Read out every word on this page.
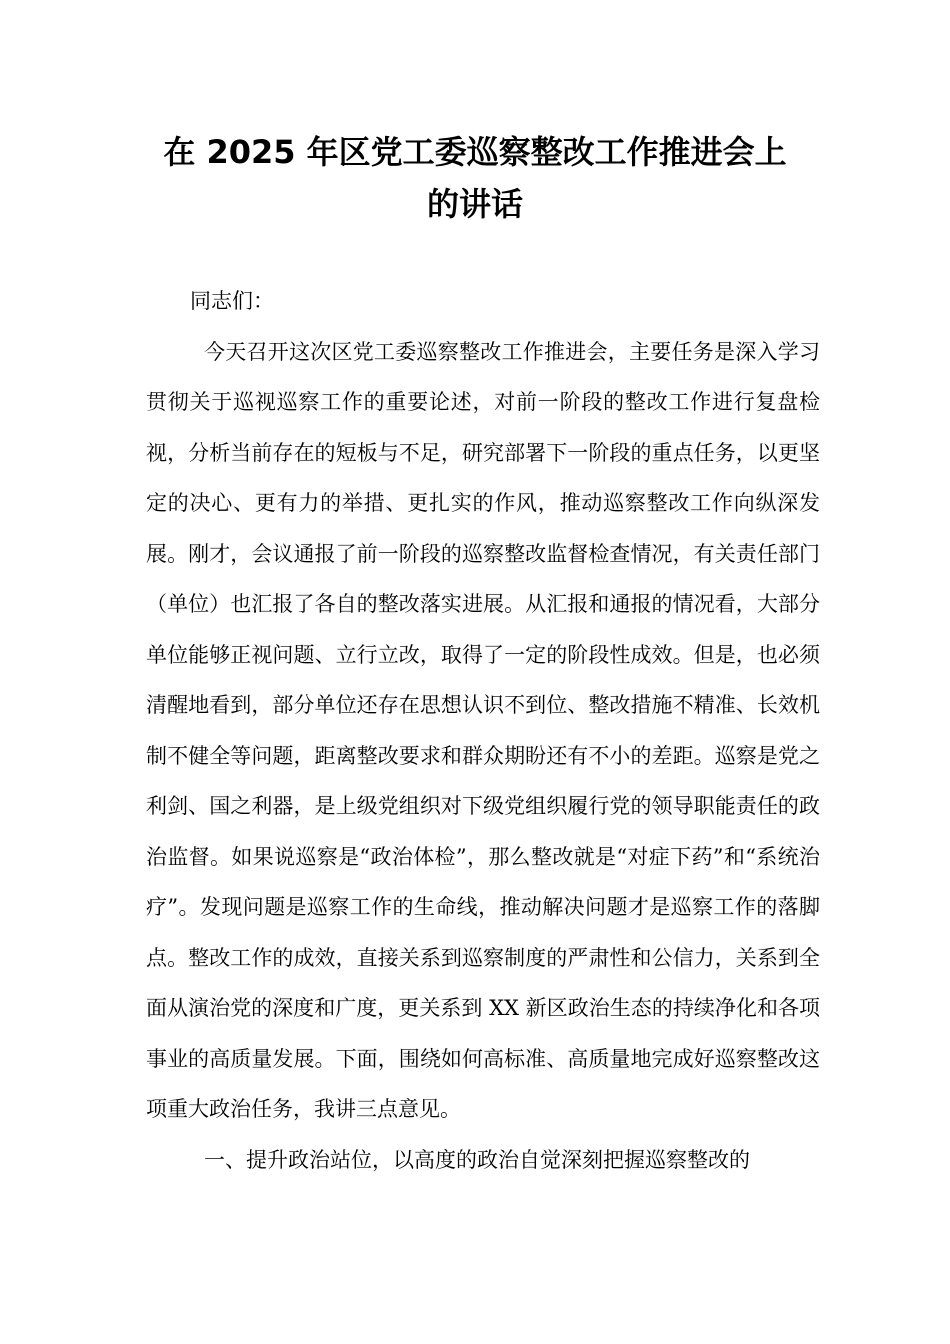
在 2025 年区党工委巡察整改工作推进会上
的讲话

同志们：

今天召开这次区党工委巡察整改工作推进会，主要任务是深入学习贯彻关于巡视巡察工作的重要论述，对前一阶段的整改工作进行复盘检视，分析当前存在的短板与不足，研究部署下一阶段的重点任务，以更坚定的决心、更有力的举措、更扎实的作风，推动巡察整改工作向纵深发展。刚才，会议通报了前一阶段的巡察整改监督检查情况，有关责任部门（单位）也汇报了各自的整改落实进展。从汇报和通报的情况看，大部分单位能够正视问题、立行立改，取得了一定的阶段性成效。但是，也必须清醒地看到，部分单位还存在思想认识不到位、整改措施不精准、长效机制不健全等问题，距离整改要求和群众期盼还有不小的差距。巡察是党之利剑、国之利器，是上级党组织对下级党组织履行党的领导职能责任的政治监督。如果说巡察是“政治体检”，那么整改就是“对症下药”和“系统治疗”。发现问题是巡察工作的生命线，推动解决问题才是巡察工作的落脚点。整改工作的成效，直接关系到巡察制度的严肃性和公信力，关系到全面从演治党的深度和广度，更关系到 XX 新区政治生态的持续净化和各项事业的高质量发展。下面，围绕如何高标准、高质量地完成好巡察整改这项重大政治任务，我讲三点意见。

一、提升政治站位，以高度的政治自觉深刻把握巡察整改的
